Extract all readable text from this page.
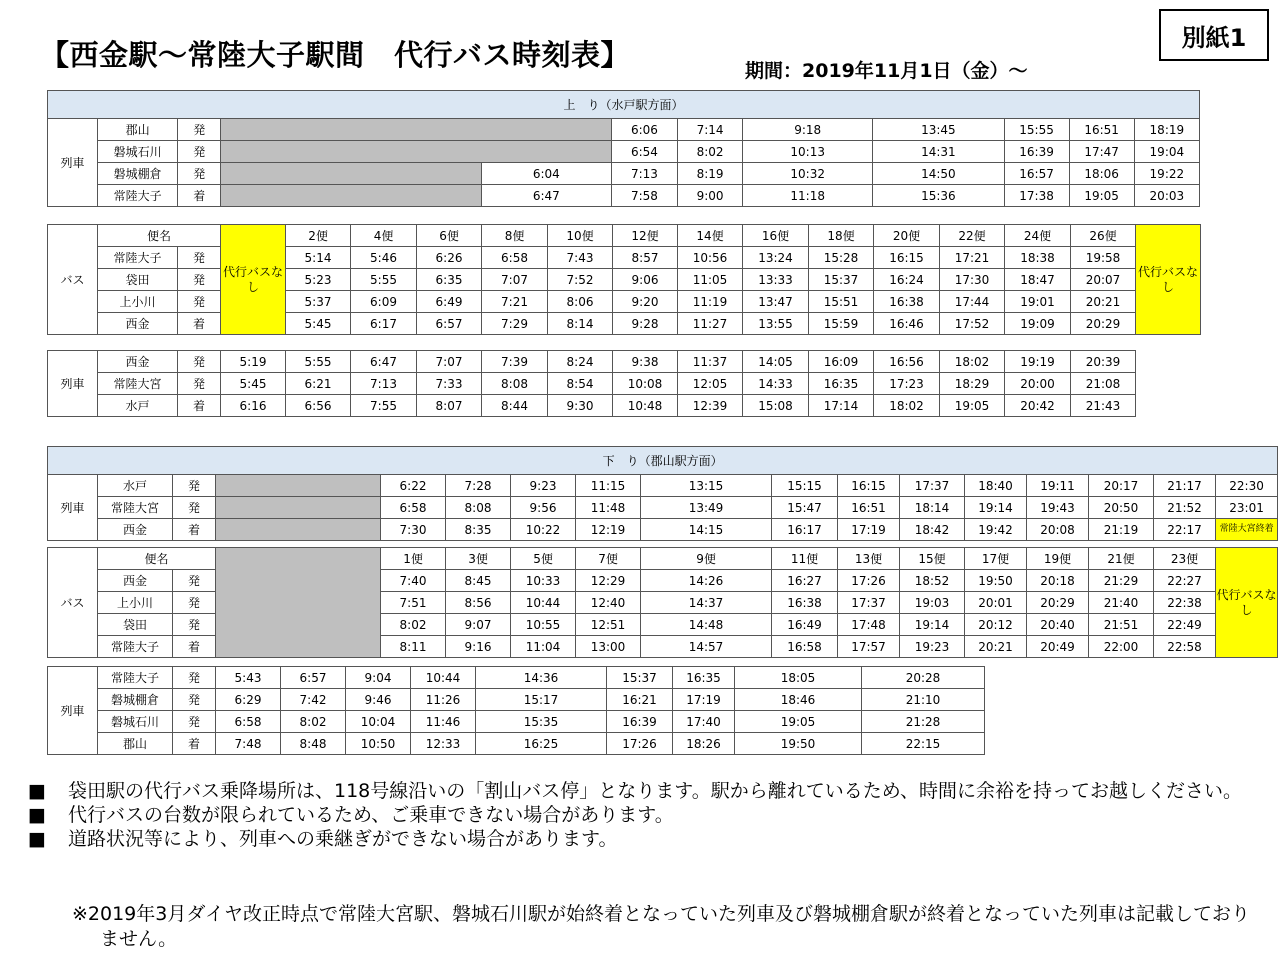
【西金駅～常陸大子駅間　代行バス時刻表】	期間：2019年11月1日（金）～
別紙1
上　り（水戸駅方面）											
列車	郡山	発			6:06	7:14	9:18	13:45	15:55	16:51	18:19
	磐城石川	発			6:54	8:02	10:13	14:31	16:39	17:47	19:04
	磐城棚倉	発		6:04	7:13	8:19	10:32	14:50	16:57	18:06	19:22
	常陸大子	着		6:47	7:58	9:00	11:18	15:36	17:38	19:05	20:03
バス	便名		代行バスなし	2便	4便	6便	8便	10便	12便	14便	16便	18便	20便	22便	24便	26便	代行バスなし
	常陸大子	発		5:14	5:46	6:26	6:58	7:43	8:57	10:56	13:24	15:28	16:15	17:21	18:38	19:58	
	袋田	発		5:23	5:55	6:35	7:07	7:52	9:06	11:05	13:33	15:37	16:24	17:30	18:47	20:07	
	上小川	発		5:37	6:09	6:49	7:21	8:06	9:20	11:19	13:47	15:51	16:38	17:44	19:01	20:21	
	西金	着		5:45	6:17	6:57	7:29	8:14	9:28	11:27	13:55	15:59	16:46	17:52	19:09	20:29	
列車	西金	発	5:19	5:55	6:47	7:07	7:39	8:24	9:38	11:37	14:05	16:09	16:56	18:02	19:19	20:39
	常陸大宮	発	5:45	6:21	7:13	7:33	8:08	8:54	10:08	12:05	14:33	16:35	17:23	18:29	20:00	21:08
	水戸	着	6:16	6:56	7:55	8:07	8:44	9:30	10:48	12:39	15:08	17:14	18:02	19:05	20:42	21:43
下　り（郡山駅方面）																
列車	水戸	発		6:22	7:28	9:23	11:15	13:15	15:15	16:15	17:37	18:40	19:11	20:17	21:17	22:30
	常陸大宮	発		6:58	8:08	9:56	11:48	13:49	15:47	16:51	18:14	19:14	19:43	20:50	21:52	23:01
	西金	着		7:30	8:35	10:22	12:19	14:15	16:17	17:19	18:42	19:42	20:08	21:19	22:17	常陸大宮終着
バス	便名			1便	3便	5便	7便	9便	11便	13便	15便	17便	19便	21便	23便	代行バスなし
	西金	発		7:40	8:45	10:33	12:29	14:26	16:27	17:26	18:52	19:50	20:18	21:29	22:27	
	上小川	発		7:51	8:56	10:44	12:40	14:37	16:38	17:37	19:03	20:01	20:29	21:40	22:38	
	袋田	発		8:02	9:07	10:55	12:51	14:48	16:49	17:48	19:14	20:12	20:40	21:51	22:49	
	常陸大子	着		8:11	9:16	11:04	13:00	14:57	16:58	17:57	19:23	20:21	20:49	22:00	22:58	
列車	常陸大子	発	5:43	6:57	9:04	10:44	14:36	15:37	16:35	18:05	20:28
	磐城棚倉	発	6:29	7:42	9:46	11:26	15:17	16:21	17:19	18:46	21:10
	磐城石川	発	6:58	8:02	10:04	11:46	15:35	16:39	17:40	19:05	21:28
	郡山	着	7:48	8:48	10:50	12:33	16:25	17:26	18:26	19:50	22:15
■	袋田駅の代行バス乗降場所は、118号線沿いの「割山バス停」となります。駅から離れているため、時間に余裕を持ってお越しください。
■	代行バスの台数が限られているため、ご乗車できない場合があります。
■	道路状況等により、列車への乗継ぎができない場合があります。
※2019年3月ダイヤ改正時点で常陸大宮駅、磐城石川駅が始終着となっていた列車及び磐城棚倉駅が終着となっていた列車は記載しておりません。
